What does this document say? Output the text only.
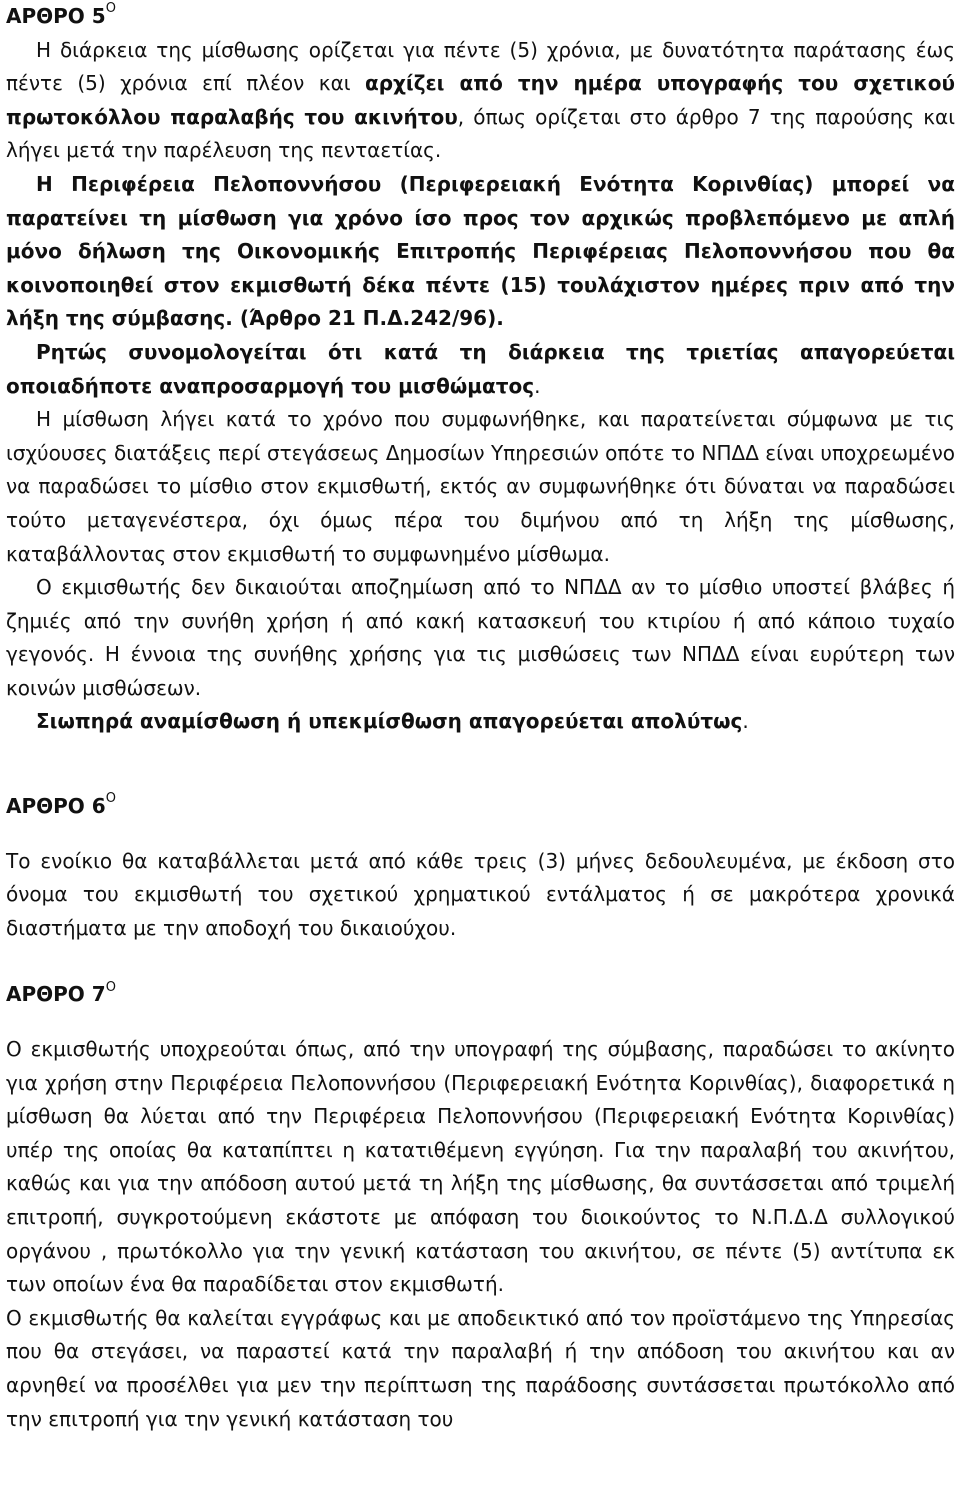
ΑΡΘΡΟ $5^O$

Η διάρκεια της μίσθωσης ορίζεται για πέντε (5) χρόνια, με δυνατότητα παράτασης έως πέντε (5) χρόνια επί πλέον και αρχίζει από την ημέρα υπογραφής του σχετικού πρωτοκόλλου παραλαβής του ακινήτου, όπως ορίζεται στο άρθρο 7 της παρούσης και λήγει μετά την παρέλευση της πενταετίας.

Η Περιφέρεια Πελοποννήσου (Περιφερειακή Ενότητα Κορινθίας) μπορεί να παρατείνει τη μίσθωση για χρόνο ίσο προς τον αρχικώς προβλεπόμενο με απλή μόνο δήλωση της Οικονομικής Επιτροπής Περιφέρειας Πελοποννήσου που θα κοινοποιηθεί στον εκμισθωτή δέκα πέντε (15) τουλάχιστον ημέρες πριν από την λήξη της σύμβασης. (Άρθρο 21 Π.Δ.242/96).

Ρητώς συνομολογείται ότι κατά τη διάρκεια της τριετίας απαγορεύεται οποιαδήποτε αναπροσαρμογή του μισθώματος.

Η μίσθωση λήγει κατά το χρόνο που συμφωνήθηκε, και παρατείνεται σύμφωνα με τις ισχύουσες διατάξεις περί στεγάσεως Δημοσίων Υπηρεσιών οπότε το ΝΠΔΔ είναι υποχρεωμένο να παραδώσει το μίσθιο στον εκμισθωτή, εκτός αν συμφωνήθηκε ότι δύναται να παραδώσει τούτο μεταγενέστερα, όχι όμως πέρα του διμήνου από τη λήξη της μίσθωσης, καταβάλλοντας στον εκμισθωτή το συμφωνημένο μίσθωμα.

Ο εκμισθωτής δεν δικαιούται αποζημίωση από το ΝΠΔΔ αν το μίσθιο υποστεί βλάβες ή ζημιές από την συνήθη χρήση ή από κακή κατασκευή του κτιρίου ή από κάποιο τυχαίο γεγονός. Η έννοια της συνήθης χρήσης για τις μισθώσεις των ΝΠΔΔ είναι ευρύτερη των κοινών μισθώσεων.

Σιωπηρά αναμίσθωση ή υπεκμίσθωση απαγορεύεται απολύτως.

ΑΡΘΡΟ $6^O$

Το ενοίκιο θα καταβάλλεται μετά από κάθε τρεις (3) μήνες δεδουλευμένα, με έκδοση στο όνομα του εκμισθωτή του σχετικού χρηματικού εντάλματος ή σε μακρότερα χρονικά διαστήματα με την αποδοχή του δικαιούχου.

ΑΡΘΡΟ $7^O$

Ο εκμισθωτής υποχρεούται όπως, από την υπογραφή της σύμβασης, παραδώσει το ακίνητο για χρήση στην Περιφέρεια Πελοποννήσου (Περιφερειακή Ενότητα Κορινθίας), διαφορετικά η μίσθωση θα λύεται από την Περιφέρεια Πελοποννήσου (Περιφερειακή Ενότητα Κορινθίας) υπέρ της οποίας θα καταπίπτει η κατατιθέμενη εγγύηση. Για την παραλαβή του ακινήτου, καθώς και για την απόδοση αυτού μετά τη λήξη της μίσθωσης, θα συντάσσεται από τριμελή επιτροπή, συγκροτούμενη εκάστοτε με απόφαση του διοικούντος το Ν.Π.Δ.Δ συλλογικού οργάνου , πρωτόκολλο για την γενική κατάσταση του ακινήτου, σε πέντε (5) αντίτυπα εκ των οποίων ένα θα παραδίδεται στον εκμισθωτή.

Ο εκμισθωτής θα καλείται εγγράφως και με αποδεικτικό από τον προϊστάμενο της Υπηρεσίας που θα στεγάσει, να παραστεί κατά την παραλαβή ή την απόδοση του ακινήτου και αν αρνηθεί να προσέλθει για μεν την περίπτωση της παράδοσης συντάσσεται πρωτόκολλο από την επιτροπή για την γενική κατάσταση του
